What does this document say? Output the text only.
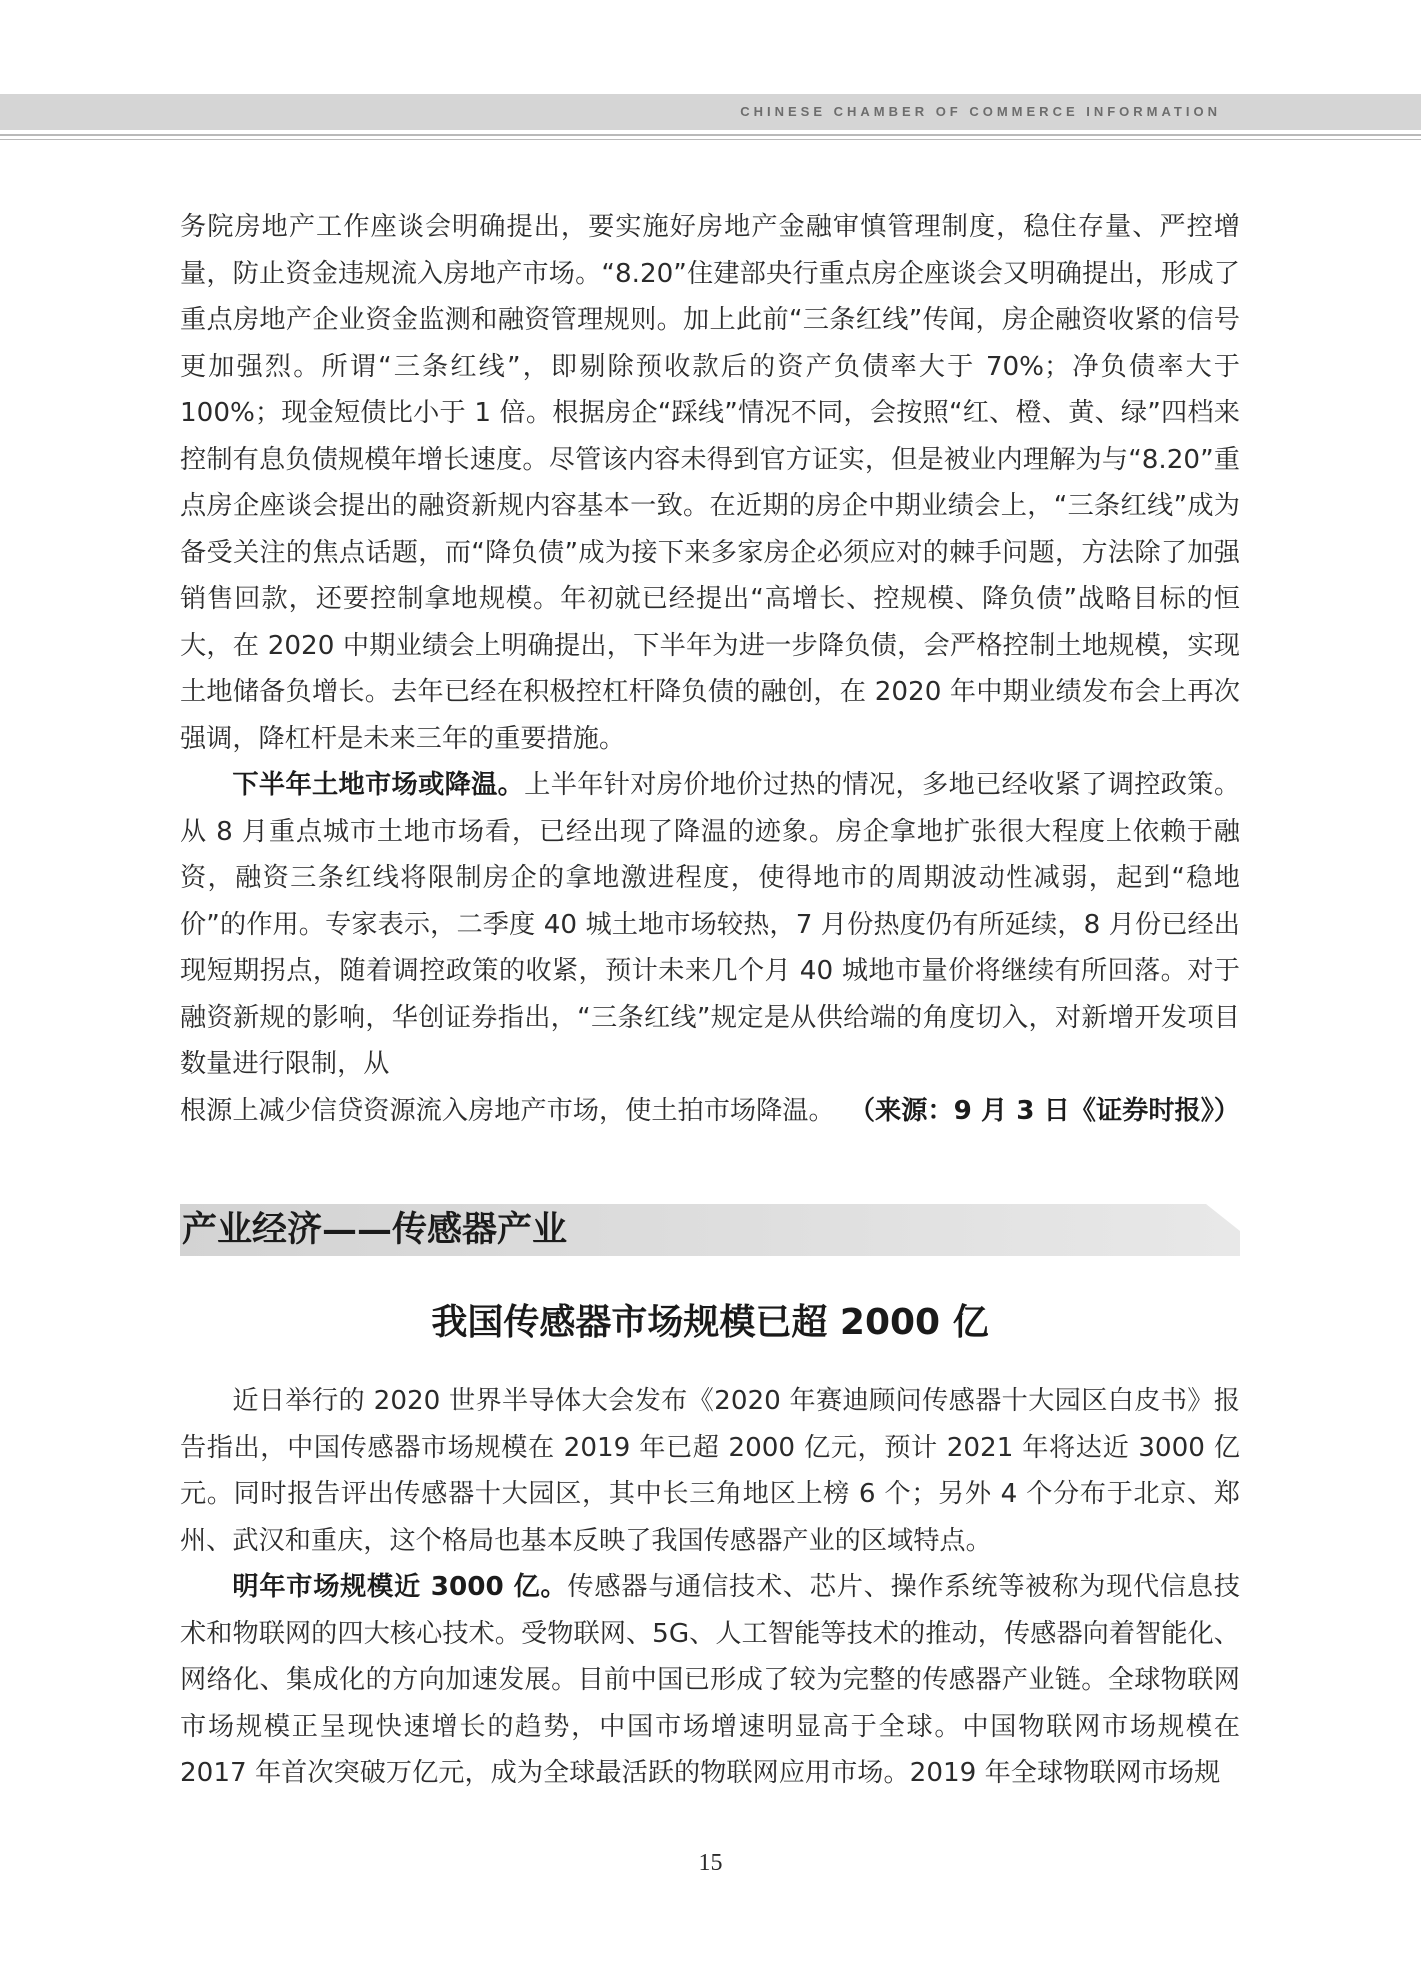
CHINESE CHAMBER OF COMMERCE INFORMATION

务院房地产工作座谈会明确提出，要实施好房地产金融审慎管理制度，稳住存量、严控增量，防止资金违规流入房地产市场。“8.20”住建部央行重点房企座谈会又明确提出，形成了重点房地产企业资金监测和融资管理规则。加上此前“三条红线”传闻，房企融资收紧的信号更加强烈。所谓“三条红线”，即剔除预收款后的资产负债率大于 70%；净负债率大于 100%；现金短债比小于 1 倍。根据房企“踩线”情况不同，会按照“红、橙、黄、绿”四档来控制有息负债规模年增长速度。尽管该内容未得到官方证实，但是被业内理解为与“8.20”重点房企座谈会提出的融资新规内容基本一致。在近期的房企中期业绩会上，“三条红线”成为备受关注的焦点话题，而“降负债”成为接下来多家房企必须应对的棘手问题，方法除了加强销售回款，还要控制拿地规模。年初就已经提出“高增长、控规模、降负债”战略目标的恒大，在 2020 中期业绩会上明确提出，下半年为进一步降负债，会严格控制土地规模，实现土地储备负增长。去年已经在积极控杠杆降负债的融创，在 2020 年中期业绩发布会上再次强调，降杠杆是未来三年的重要措施。

下半年土地市场或降温。上半年针对房价地价过热的情况，多地已经收紧了调控政策。从 8 月重点城市土地市场看，已经出现了降温的迹象。房企拿地扩张很大程度上依赖于融资，融资三条红线将限制房企的拿地激进程度，使得地市的周期波动性减弱，起到“稳地价”的作用。专家表示，二季度 40 城土地市场较热，7 月份热度仍有所延续，8 月份已经出现短期拐点，随着调控政策的收紧，预计未来几个月 40 城地市量价将继续有所回落。对于融资新规的影响，华创证券指出，“三条红线”规定是从供给端的角度切入，对新增开发项目数量进行限制，从

根源上减少信贷资源流入房地产市场，使土拍市场降温。 （来源：9 月 3 日《证券时报》）
产业经济——传感器产业
我国传感器市场规模已超 2000 亿

近日举行的 2020 世界半导体大会发布《2020 年赛迪顾问传感器十大园区白皮书》报告指出，中国传感器市场规模在 2019 年已超 2000 亿元，预计 2021 年将达近 3000 亿元。同时报告评出传感器十大园区，其中长三角地区上榜 6 个；另外 4 个分布于北京、郑州、武汉和重庆，这个格局也基本反映了我国传感器产业的区域特点。

明年市场规模近 3000 亿。传感器与通信技术、芯片、操作系统等被称为现代信息技术和物联网的四大核心技术。受物联网、5G、人工智能等技术的推动，传感器向着智能化、网络化、集成化的方向加速发展。目前中国已形成了较为完整的传感器产业链。全球物联网市场规模正呈现快速增长的趋势，中国市场增速明显高于全球。中国物联网市场规模在 2017 年首次突破万亿元，成为全球最活跃的物联网应用市场。2019 年全球物联网市场规

15
